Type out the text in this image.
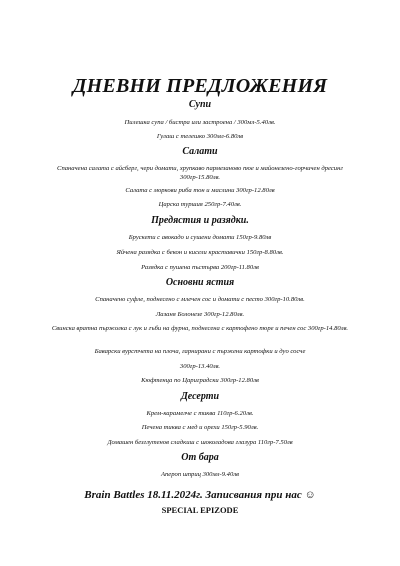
ДНЕВНИ ПРЕДЛОЖЕНИЯ
Супи
Пилешка супа / бистра или застроена / 300мл-5.40лв.
Гулаш с телешко 300мл-6.80лв
Салати
Спаначена салата с айсберг, чери домати, хрупкаво пармезаново пюе и майонезено-горчичен дресинг 300гр-15.80лв.
Салата с моркови риба тон и маслини 300гр-12.80лв
Царска туршия 250гр-7.40лв.
Предястия и разядки.
Брускети с авокадо и сушени домати 150гр-9.80лв
Яйчена разядка с бекон и кисели краставички 150гр-8.80лв.
Разядка с пушена пъстърва 200гр-11.80лв
Основни ястия
Спаначено суфле, поднесено с млечен сос и домати с песто 300гр-10.80лв.
Лазаня Болонезе 300гр-12.80лв.
Свинска вратна пържолка с лук и гъби на фурна, поднесена с картофено пюре и печен сос 300гр-14.80лв.
Баварски вурстчета на плоча, гарнирани с пържени картофки и дуо сосче
300гр-13.40лв.
Кюфтенца по Цариградски 300гр-12.80лв
Десерти
Крем-карамелче с тиква 110гр-6.20лв.
Печена тиква с мед и орехи 150гр-5.90лв.
Домашен безглутенов сладкиш с шоколадова глазура 110гр-7.50лв
От бара
Апероп шприц 300мл-9.40лв
Brain Battles 18.11.2024г. Записвания при нас ☺
SPECIAL EPIZODE
